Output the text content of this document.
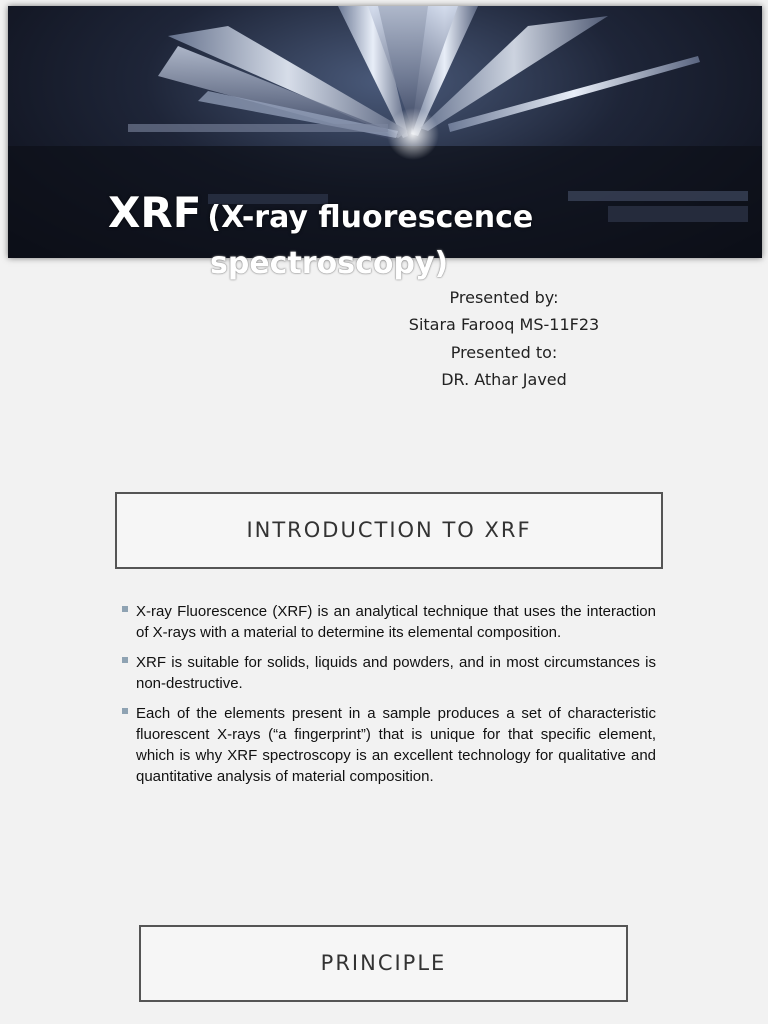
XRF (X-ray fluorescence
spectroscopy)
Presented by:
Sitara Farooq MS-11F23
Presented to:
DR. Athar Javed
INTRODUCTION TO XRF
X-ray Fluorescence (XRF) is an analytical technique that uses the interaction of X-rays with a material to determine its elemental composition.
XRF is suitable for solids, liquids and powders, and in most circumstances is non-destructive.
Each of the elements present in a sample produces a set of characteristic fluorescent X-rays (“a fingerprint”) that is unique for that specific element, which is why XRF spectroscopy is an excellent technology for qualitative and quantitative analysis of material composition.
PRINCIPLE
